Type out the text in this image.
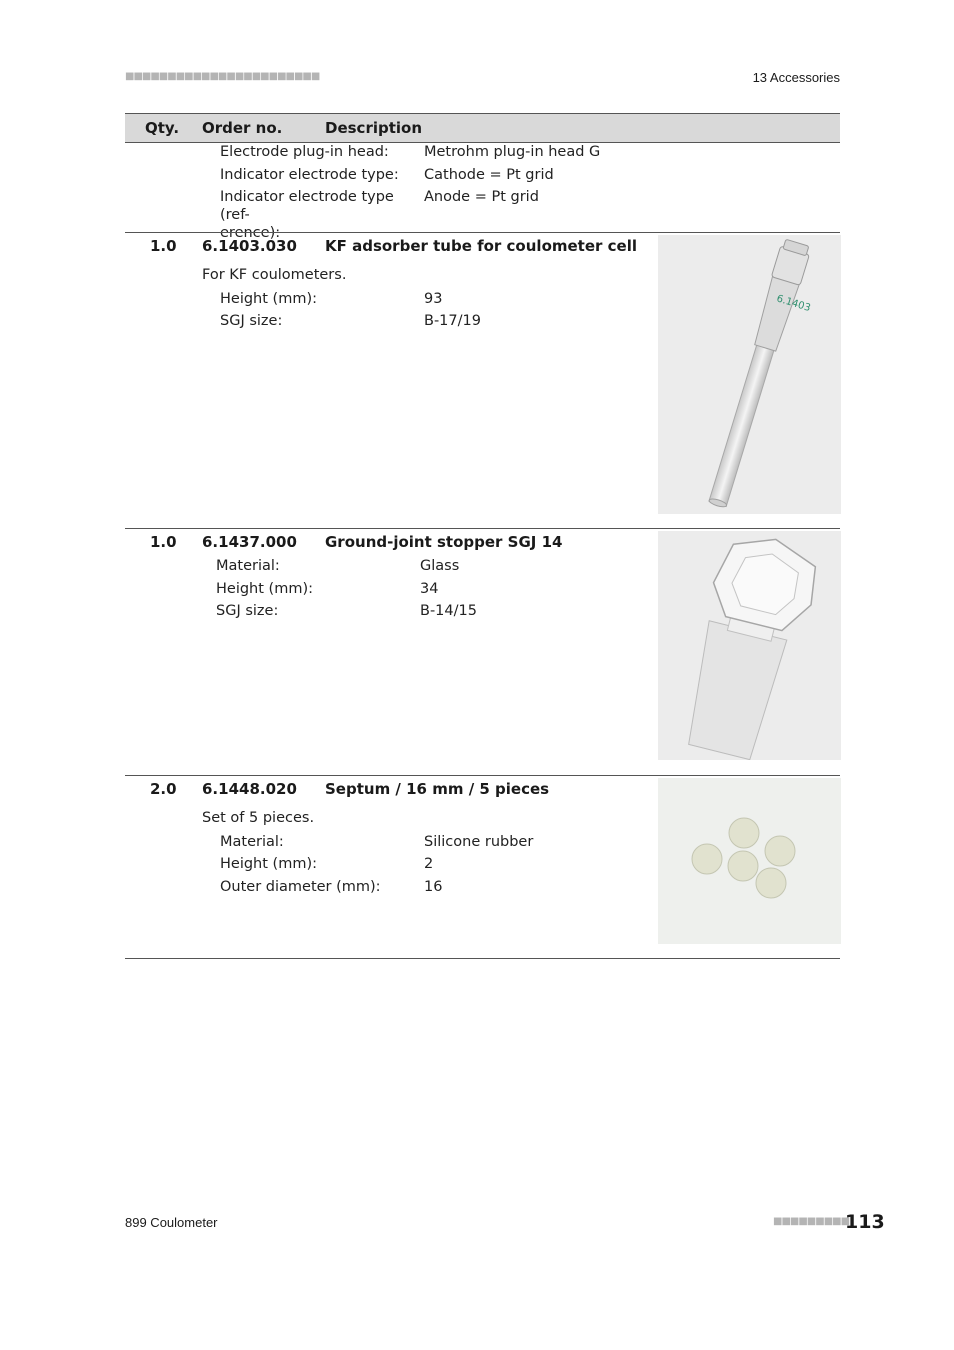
■■■■■■■■■■■■■■■■■■■■■■■	13 Accessories
Qty. Order no.	Description
Electrode plug-in head: Metrohm plug-in head G
Indicator electrode type: Cathode = Pt grid
Indicator electrode type (ref-
erence):
Anode = Pt grid
1.0 6.1403.030 KF adsorber tube for coulometer cell
For KF coulometers.
Height (mm):	93
SGJ size:	B-17/19
6.1403
1.0 6.1437.000 Ground-joint stopper SGJ 14
Material:	Glass
Height (mm):	34
SGJ size:	B-14/15
2.0 6.1448.020 Septum / 16 mm / 5 pieces
Set of 5 pieces.
Material:	Silicone rubber
Height (mm):	2
Outer diameter (mm):	16
899 Coulometer	■■■■■■■■■
113
